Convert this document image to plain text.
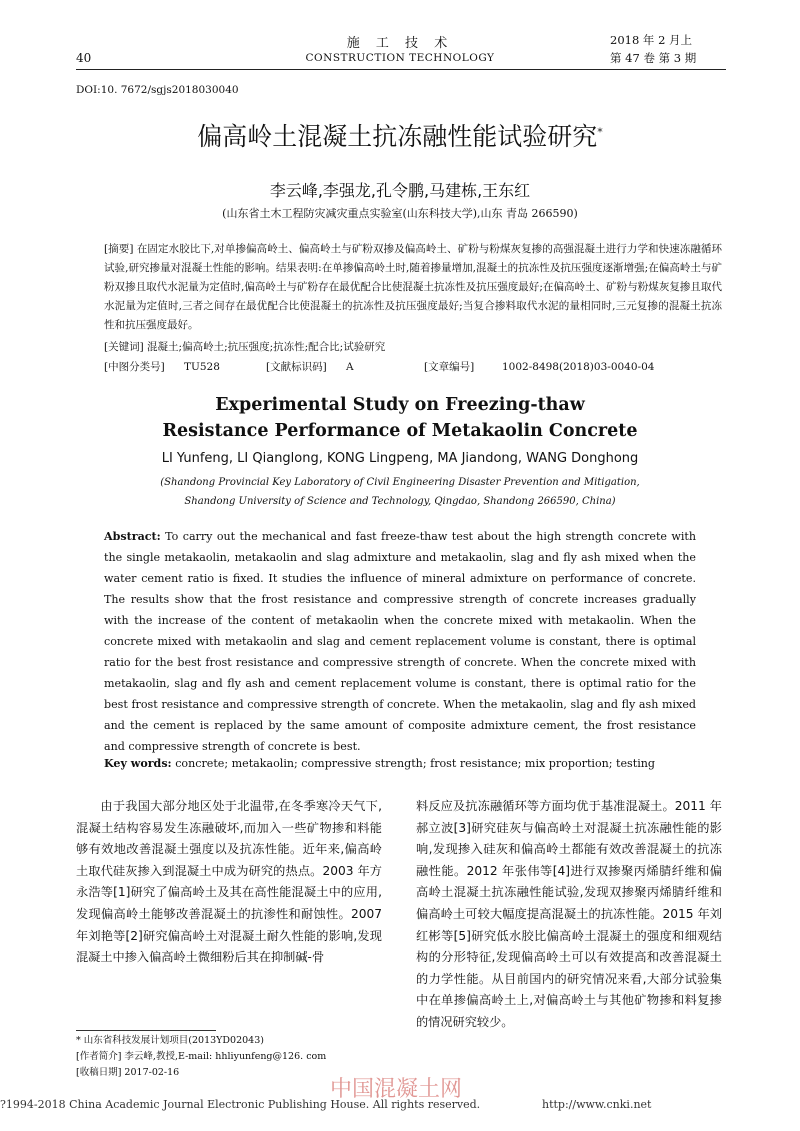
施 工 技 术
CONSTRUCTION TECHNOLOGY
40
2018 年 2 月上
第 47 卷 第 3 期
DOI:10. 7672/sgjs2018030040
偏高岭土混凝土抗冻融性能试验研究*
李云峰,李强龙,孔令鹏,马建栋,王东红
(山东省土木工程防灾减灾重点实验室(山东科技大学),山东 青岛 266590)
[摘要] 在固定水胶比下,对单掺偏高岭土、偏高岭土与矿粉双掺及偏高岭土、矿粉与粉煤灰复掺的高强混凝土进行力学和快速冻融循环试验,研究掺量对混凝土性能的影响。结果表明:在单掺偏高岭土时,随着掺量增加,混凝土的抗冻性及抗压强度逐渐增强;在偏高岭土与矿粉双掺且取代水泥量为定值时,偏高岭土与矿粉存在最优配合比使混凝土抗冻性及抗压强度最好;在偏高岭土、矿粉与粉煤灰复掺且取代水泥量为定值时,三者之间存在最优配合比使混凝土的抗冻性及抗压强度最好;当复合掺料取代水泥的量相同时,三元复掺的混凝土抗冻性和抗压强度最好。
[关键词] 混凝土;偏高岭土;抗压强度;抗冻性;配合比;试验研究
[中图分类号] TU528	[文献标识码] A	[文章编号]	1002-8498(2018)03-0040-04
Experimental Study on Freezing-thaw Resistance Performance of Metakaolin Concrete
LI Yunfeng, LI Qianglong, KONG Lingpeng, MA Jiandong, WANG Donghong
(Shandong Provincial Key Laboratory of Civil Engineering Disaster Prevention and Mitigation,
Shandong University of Science and Technology, Qingdao, Shandong 266590, China)
Abstract: To carry out the mechanical and fast freeze-thaw test about the high strength concrete with the single metakaolin, metakaolin and slag admixture and metakaolin, slag and fly ash mixed when the water cement ratio is fixed. It studies the influence of mineral admixture on performance of concrete. The results show that the frost resistance and compressive strength of concrete increases gradually with the increase of the content of metakaolin when the concrete mixed with metakaolin. When the concrete mixed with metakaolin and slag and cement replacement volume is constant, there is optimal ratio for the best frost resistance and compressive strength of concrete. When the concrete mixed with metakaolin, slag and fly ash and cement replacement volume is constant, there is optimal ratio for the best frost resistance and compressive strength of concrete. When the metakaolin, slag and fly ash mixed and the cement is replaced by the same amount of composite admixture cement, the frost resistance and compressive strength of concrete is best.
Key words: concrete; metakaolin; compressive strength; frost resistance; mix proportion; testing
由于我国大部分地区处于北温带,在冬季寒冷天气下,混凝土结构容易发生冻融破坏,而加入一些矿物掺和料能够有效地改善混凝土强度以及抗冻性能。近年来,偏高岭土取代硅灰掺入到混凝土中成为研究的热点。2003 年方永浩等[1]研究了偏高岭土及其在高性能混凝土中的应用,发现偏高岭土能够改善混凝土的抗渗性和耐蚀性。2007 年刘艳等[2]研究偏高岭土对混凝土耐久性能的影响,发现混凝土中掺入偏高岭土微细粉后其在抑制碱-骨
料反应及抗冻融循环等方面均优于基准混凝土。2011 年郝立波[3]研究硅灰与偏高岭土对混凝土抗冻融性能的影响,发现掺入硅灰和偏高岭土都能有效改善混凝土的抗冻融性能。2012 年张伟等[4]进行双掺聚丙烯腈纤维和偏高岭土混凝土抗冻融性能试验,发现双掺聚丙烯腈纤维和偏高岭土可较大幅度提高混凝土的抗冻性能。2015 年刘红彬等[5]研究低水胶比偏高岭土混凝土的强度和细观结构的分形特征,发现偏高岭土可以有效提高和改善混凝土的力学性能。从目前国内的研究情况来看,大部分试验集中在单掺偏高岭土上,对偏高岭土与其他矿物掺和料复掺的情况研究较少。
* 山东省科技发展计划项目(2013YD02043)
[作者简介] 李云峰,教授,E-mail: hhliyunfeng@126. com
[收稿日期] 2017-02-16
中国混凝土网
?1994-2018 China Academic Journal Electronic Publishing House. All rights reserved.	http://www.cnki.net
